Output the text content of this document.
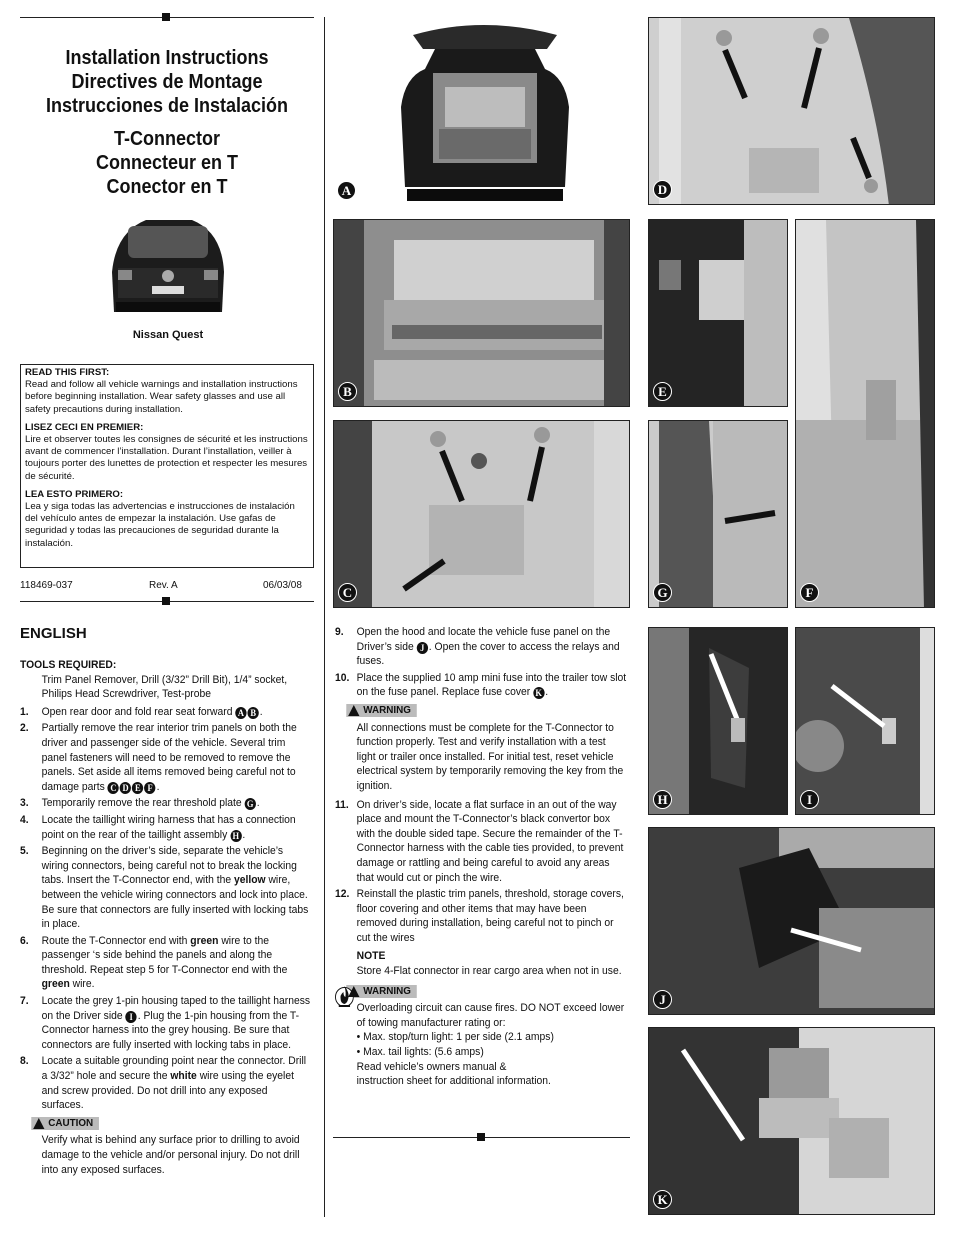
Installation Instructions
Directives de Montage
Instrucciones de Instalación
T-Connector
Connecteur en T
Conector en T
Nissan Quest
READ THIS FIRST:
Read and follow all vehicle warnings and installation instructions before beginning installation. Wear safety glasses and use all safety precautions during installation.
LISEZ CECI EN PREMIER:
Lire et observer toutes les consignes de sécurité et les instructions avant de commencer l’installation. Durant l’installation, veiller à toujours porter des lunettes de protection et respecter les mesures de sécurité.
LEA ESTO PRIMERO:
Lea y siga todas las advertencias e instrucciones de instalación del vehículo antes de empezar la instalación. Use gafas de seguridad y todas las precauciones de seguridad durante la instalación.
118469-037	Rev. A	06/03/08
A	D
B	E
F
C	G
H	I
J
K
ENGLISH
TOOLS REQUIRED:
Trim Panel Remover, Drill (3/32” Drill Bit), 1/4” socket, Philips Head Screwdriver, Test-probe
1.	Open rear door and fold rear seat forward A B .
2.	Partially remove the rear interior trim panels on both the driver and passenger side of the vehicle. Several trim panel fasteners will need to be removed to remove the panels. Set aside all items removed being careful not to damage parts C D E F .
3.	Temporarily remove the rear threshold plate G .
4.	Locate the taillight wiring harness that has a connection point on the rear of the taillight assembly H .
5.	Beginning on the driver’s side, separate the vehicle’s wiring connectors, being careful not to break the locking tabs. Insert the T-Connector end, with the yellow wire, between the vehicle wiring connectors and lock into place. Be sure that connectors are fully inserted with locking tabs in place.
6.	Route the T-Connector end with green wire to the passenger ‘s side behind the panels and along the threshold. Repeat step 5 for T-Connector end with the green wire.
7.	Locate the grey 1-pin housing taped to the taillight harness on the Driver side I . Plug the 1-pin housing from the T-Connector harness into the grey housing. Be sure that connectors are fully inserted with locking tabs in place.
8.	Locate a suitable grounding point near the connector. Drill a 3/32” hole and secure the white wire using the eyelet and screw provided. Do not drill into any exposed surfaces.
CAUTION
Verify what is behind any surface prior to drilling to avoid damage to the vehicle and/or personal injury. Do not drill into any exposed surfaces.
9.	Open the hood and locate the vehicle fuse panel on the Driver’s side J . Open the cover to access the relays and fuses.
10. Place the supplied 10 amp mini fuse into the trailer tow slot on the fuse panel. Replace fuse cover K .
WARNING
All connections must be complete for the T-Connector to function properly. Test and verify installation with a test light or trailer once installed. For initial test, reset vehicle electrical system by temporarily removing the key from the ignition.
11. On driver’s side, locate a flat surface in an out of the way place and mount the T-Connector’s black convertor box with the double sided tape. Secure the remainder of the T-Connector harness with the cable ties provided, to prevent damage or rattling and being careful to avoid any areas that would cut or pinch the wire.
12. Reinstall the plastic trim panels, threshold, storage covers, floor covering and other items that may have been removed during installation, being careful not to pinch or cut the wires
NOTE
Store 4-Flat connector in rear cargo area when not in use.
WARNING
Overloading circuit can cause fires. DO NOT exceed lower of towing manufacturer rating or:
• Max. stop/turn light: 1 per side (2.1 amps)
• Max. tail lights: (5.6 amps)
Read vehicle’s owners manual &
instruction sheet for additional information.
